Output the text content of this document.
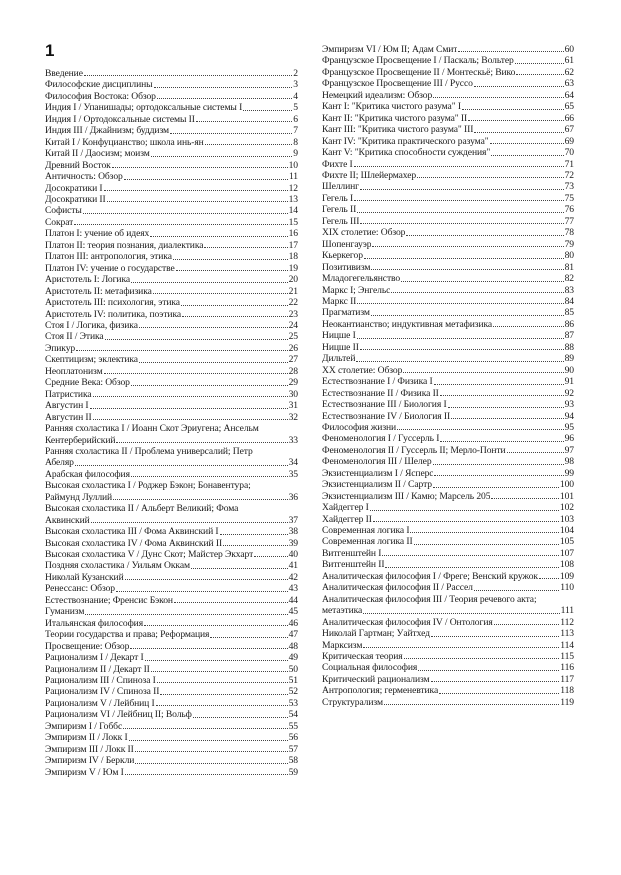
1
Введение	2
Философские дисциплины	3
Философия Востока: Обзор	4
Индия I / Упанишады; ортодоксальные системы I	5
Индия I / Ортодоксальные системы II	6
Индия III / Джайнизм; буддизм	7
Китай I / Конфуцианство; школа инь-ян	8
Китай II / Даосизм; моизм	9
Древний Восток	10
Античность: Обзор	11
Досократики I	12
Досократики II	13
Софисты	14
Сократ	15
Платон I: учение об идеях	16
Платон II: теория познания, диалектика	17
Платон III: антропология, этика	18
Платон IV: учение о государстве	19
Аристотель I: Логика	20
Аристотель II: метафизика	21
Аристотель III: психология, этика	22
Аристотель IV: политика, поэтика	23
Стоя I / Логика, физика	24
Стоя II / Этика	25
Эпикур	26
Скептицизм; эклектика	27
Неоплатонизм	28
Средние Века: Обзор	29
Патристика	30
Августин I	31
Августин II	32
Ранняя схоластика I / Иоанн Скот Эриугена; Ансельм
Кентерберийский	33
Ранняя схоластика II / Проблема универсалий; Петр
Абеляр	34
Арабская философия	35
Высокая схоластика I / Роджер Бэкон; Бонавентура;
Раймунд Луллий	36
Высокая схоластика II / Альберт Великий; Фома
Аквинский	37
Высокая схоластика III / Фома Аквинский I	38
Высокая схоластика IV / Фома Аквинский II	39
Высокая схоластика V / Дунс Скот; Майстер Экхарт	40
Поздняя схоластика / Уильям Оккам	41
Николай Кузанский	42
Ренессанс: Обзор	43
Естествознание; Френсис Бэкон	44
Гуманизм	45
Итальянская философия	46
Теории государства и права; Реформация	47
Просвещение: Обзор	48
Рационализм I / Декарт I	49
Рационализм II / Декарт II	50
Рационализм III / Спиноза I	51
Рационализм IV / Спиноза II	52
Рационализм V / Лейбниц I	53
Рационализм VI / Лейбниц II; Вольф	54
Эмпиризм I / Гоббс	55
Эмпиризм II / Локк I	56
Эмпиризм III / Локк II	57
Эмпиризм IV / Беркли	58
Эмпиризм V / Юм I	59
Эмпиризм VI / Юм II; Адам Смит	60
Французское Просвещение I / Паскаль; Вольтер	61
Французское Просвещение II / Монтескьё; Вико	62
Французское Просвещение III / Руссо	63
Немецкий идеализм: Обзор	64
Кант I: "Критика чистого разума" I	65
Кант II: "Критика чистого разума" II	66
Кант III: "Критика чистого разума" III	67
Кант IV: "Критика практического разума"	69
Кант V: "Критика способности суждения"	70
Фихте I	71
Фихте II; Шлейермахер	72
Шеллинг	73
Гегель I	75
Гегель II	76
Гегель III	77
XIX столетие: Обзор	78
Шопенгауэр	79
Кьеркегор	80
Позитивизм	81
Младогегельянство	82
Маркс I; Энгельс	83
Маркс II	84
Прагматизм	85
Неокантианство; индуктивная метафизика	86
Ницше I	87
Ницше II	88
Дильтей	89
XX столетие: Обзор	90
Естествознание I / Физика I	91
Естествознание II / Физика II	92
Естествознание III / Биология I	93
Естествознание IV / Биология II	94
Философия жизни	95
Феноменология I / Гуссерль I	96
Феноменология II / Гуссерль II; Мерло-Понти	97
Феноменология III / Шелер	98
Экзистенциализм I / Ясперс	99
Экзистенциализм II / Сартр	100
Экзистенциализм III / Камю; Марсель 205	101
Хайдеггер I	102
Хайдеггер II	103
Современная логика I	104
Современная логика II	105
Витгенштейн I	107
Витгенштейн II	108
Аналитическая философия I / Фреге; Венский кружок 109
Аналитическая философия II / Рассел	110
Аналитическая философия III / Теория речевого акта;
метаэтика	111
Аналитическая философия IV / Онтология	112
Николай Гартман; Уайтхед	113
Марксизм	114
Критическая теория	115
Социальная философия	116
Критический рационализм	117
Антропология; герменевтика	118
Структурализм	119
